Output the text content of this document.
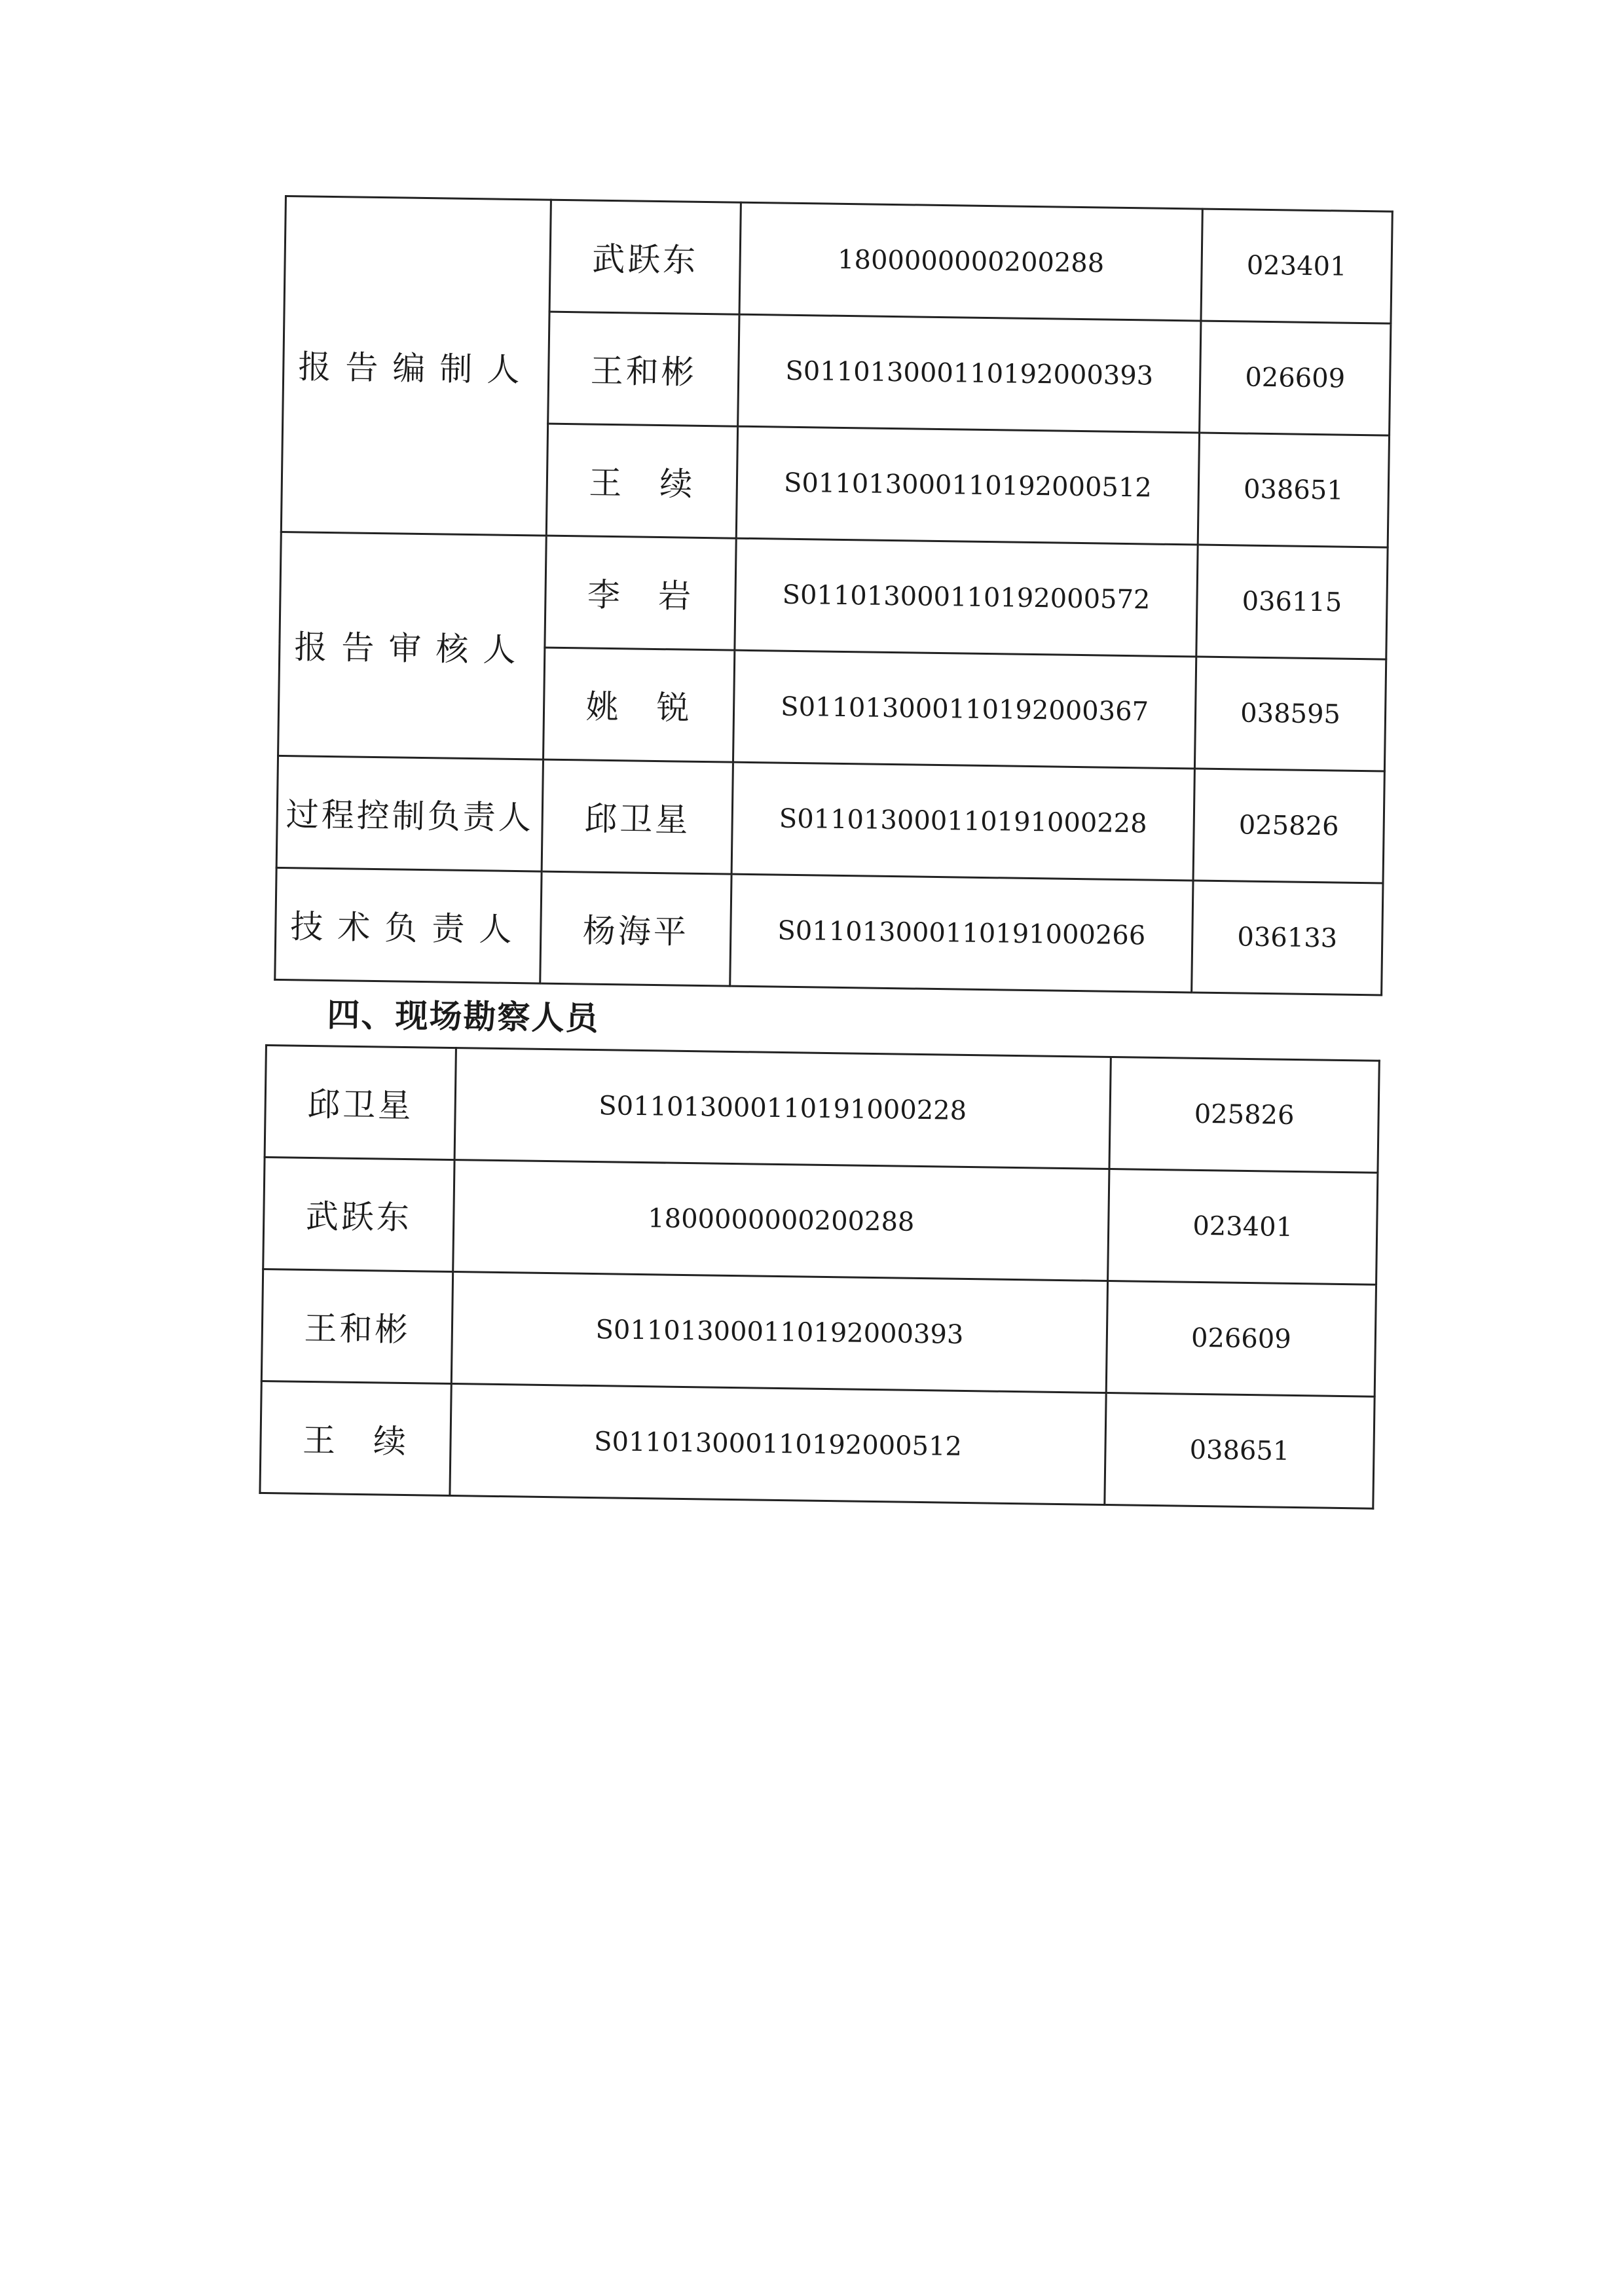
报告编制人	武跃东	1800000000200288	023401
	王和彬	S011013000110192000393	026609
	王　续	S011013000110192000512	038651
报告审核人	李　岩	S011013000110192000572	036115
	姚　锐	S011013000110192000367	038595
过程控制负责人	邱卫星	S011013000110191000228	025826
技术负责人	杨海平	S011013000110191000266	036133
四、现场勘察人员
邱卫星	S011013000110191000228	025826
武跃东	1800000000200288	023401
王和彬	S011013000110192000393	026609
王　续	S011013000110192000512	038651
